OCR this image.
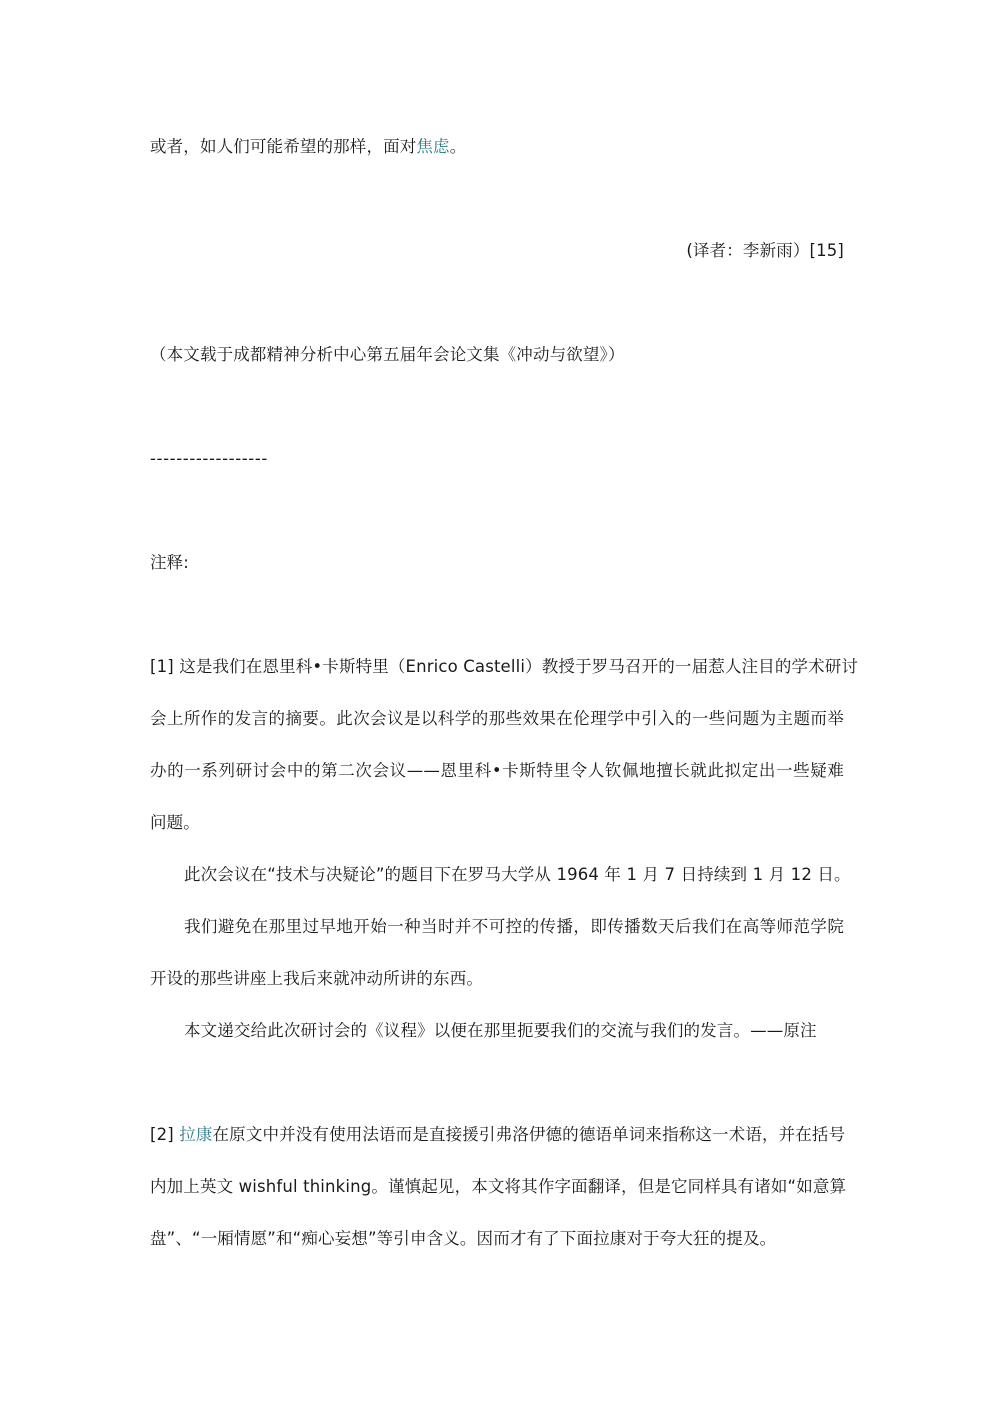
或者，如人们可能希望的那样，面对焦虑。
(译者：李新雨）[15]
（本文载于成都精神分析中心第五届年会论文集《冲动与欲望》）
------------------
注释:
[1] 这是我们在恩里科•卡斯特里（Enrico Castelli）教授于罗马召开的一届惹人注目的学术研讨
会上所作的发言的摘要。此次会议是以科学的那些效果在伦理学中引入的一些问题为主题而举
办的一系列研讨会中的第二次会议——恩里科•卡斯特里令人钦佩地擅长就此拟定出一些疑难
问题。
此次会议在“技术与决疑论”的题目下在罗马大学从 1964 年 1 月 7 日持续到 1 月 12 日。
我们避免在那里过早地开始一种当时并不可控的传播，即传播数天后我们在高等师范学院
开设的那些讲座上我后来就冲动所讲的东西。
本文递交给此次研讨会的《议程》以便在那里扼要我们的交流与我们的发言。——原注
[2] 拉康在原文中并没有使用法语而是直接援引弗洛伊德的德语单词来指称这一术语，并在括号
内加上英文 wishful thinking。谨慎起见，本文将其作字面翻译，但是它同样具有诸如“如意算
盘”、“一厢情愿”和“痴心妄想”等引申含义。因而才有了下面拉康对于夸大狂的提及。
